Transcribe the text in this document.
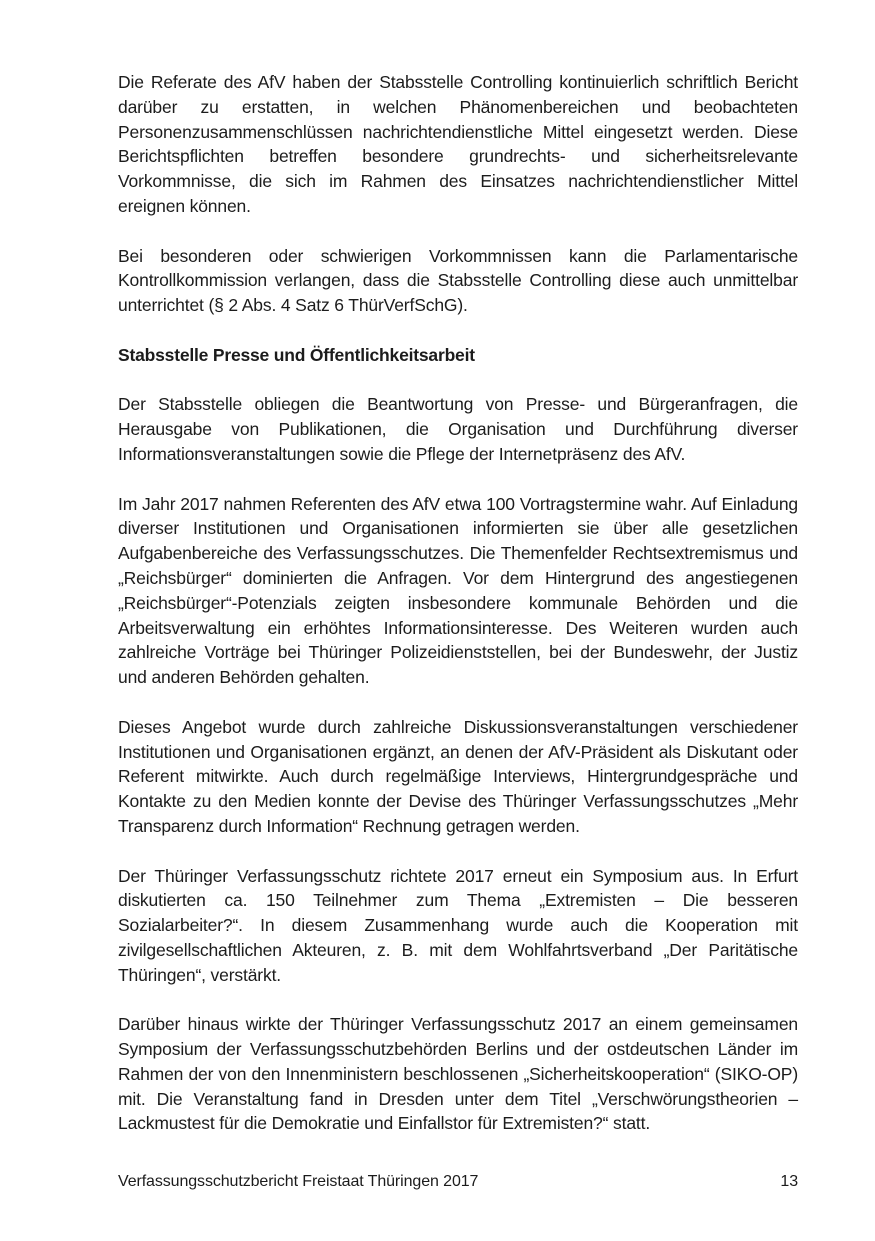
Die Referate des AfV haben der Stabsstelle Controlling kontinuierlich schriftlich Bericht darüber zu erstatten, in welchen Phänomenbereichen und beobachteten Personenzusammenschlüssen nachrichtendienstliche Mittel eingesetzt werden. Diese Berichtspflichten betreffen besondere grundrechts- und sicherheitsrelevante Vorkommnisse, die sich im Rahmen des Einsatzes nachrichtendienstlicher Mittel ereignen können.

Bei besonderen oder schwierigen Vorkommnissen kann die Parlamentarische Kontrollkommission verlangen, dass die Stabsstelle Controlling diese auch unmittelbar unterrichtet (§ 2 Abs. 4 Satz 6 ThürVerfSchG).

Stabsstelle Presse und Öffentlichkeitsarbeit

Der Stabsstelle obliegen die Beantwortung von Presse- und Bürgeranfragen, die Herausgabe von Publikationen, die Organisation und Durchführung diverser Informationsveranstaltungen sowie die Pflege der Internetpräsenz des AfV.

Im Jahr 2017 nahmen Referenten des AfV etwa 100 Vortragstermine wahr. Auf Einladung diverser Institutionen und Organisationen informierten sie über alle gesetzlichen Aufgabenbereiche des Verfassungsschutzes. Die Themenfelder Rechtsextremismus und „Reichsbürger“ dominierten die Anfragen. Vor dem Hintergrund des angestiegenen „Reichsbürger“-Potenzials zeigten insbesondere kommunale Behörden und die Arbeitsverwaltung ein erhöhtes Informationsinteresse. Des Weiteren wurden auch zahlreiche Vorträge bei Thüringer Polizeidienststellen, bei der Bundeswehr, der Justiz und anderen Behörden gehalten.

Dieses Angebot wurde durch zahlreiche Diskussionsveranstaltungen verschiedener Institutionen und Organisationen ergänzt, an denen der AfV-Präsident als Diskutant oder Referent mitwirkte. Auch durch regelmäßige Interviews, Hintergrundgespräche und Kontakte zu den Medien konnte der Devise des Thüringer Verfassungsschutzes „Mehr Transparenz durch Information“ Rechnung getragen werden.

Der Thüringer Verfassungsschutz richtete 2017 erneut ein Symposium aus. In Erfurt diskutierten ca. 150 Teilnehmer zum Thema „Extremisten – Die besseren Sozialarbeiter?“. In diesem Zusammenhang wurde auch die Kooperation mit zivilgesellschaftlichen Akteuren, z. B. mit dem Wohlfahrtsverband „Der Paritätische Thüringen“, verstärkt.

Darüber hinaus wirkte der Thüringer Verfassungsschutz 2017 an einem gemeinsamen Symposium der Verfassungsschutzbehörden Berlins und der ostdeutschen Länder im Rahmen der von den Innenministern beschlossenen „Sicherheitskooperation“ (SIKO-OP) mit. Die Veranstaltung fand in Dresden unter dem Titel „Verschwörungstheorien – Lackmustest für die Demokratie und Einfallstor für Extremisten?“ statt.

Verfassungsschutzbericht Freistaat Thüringen 2017	13
